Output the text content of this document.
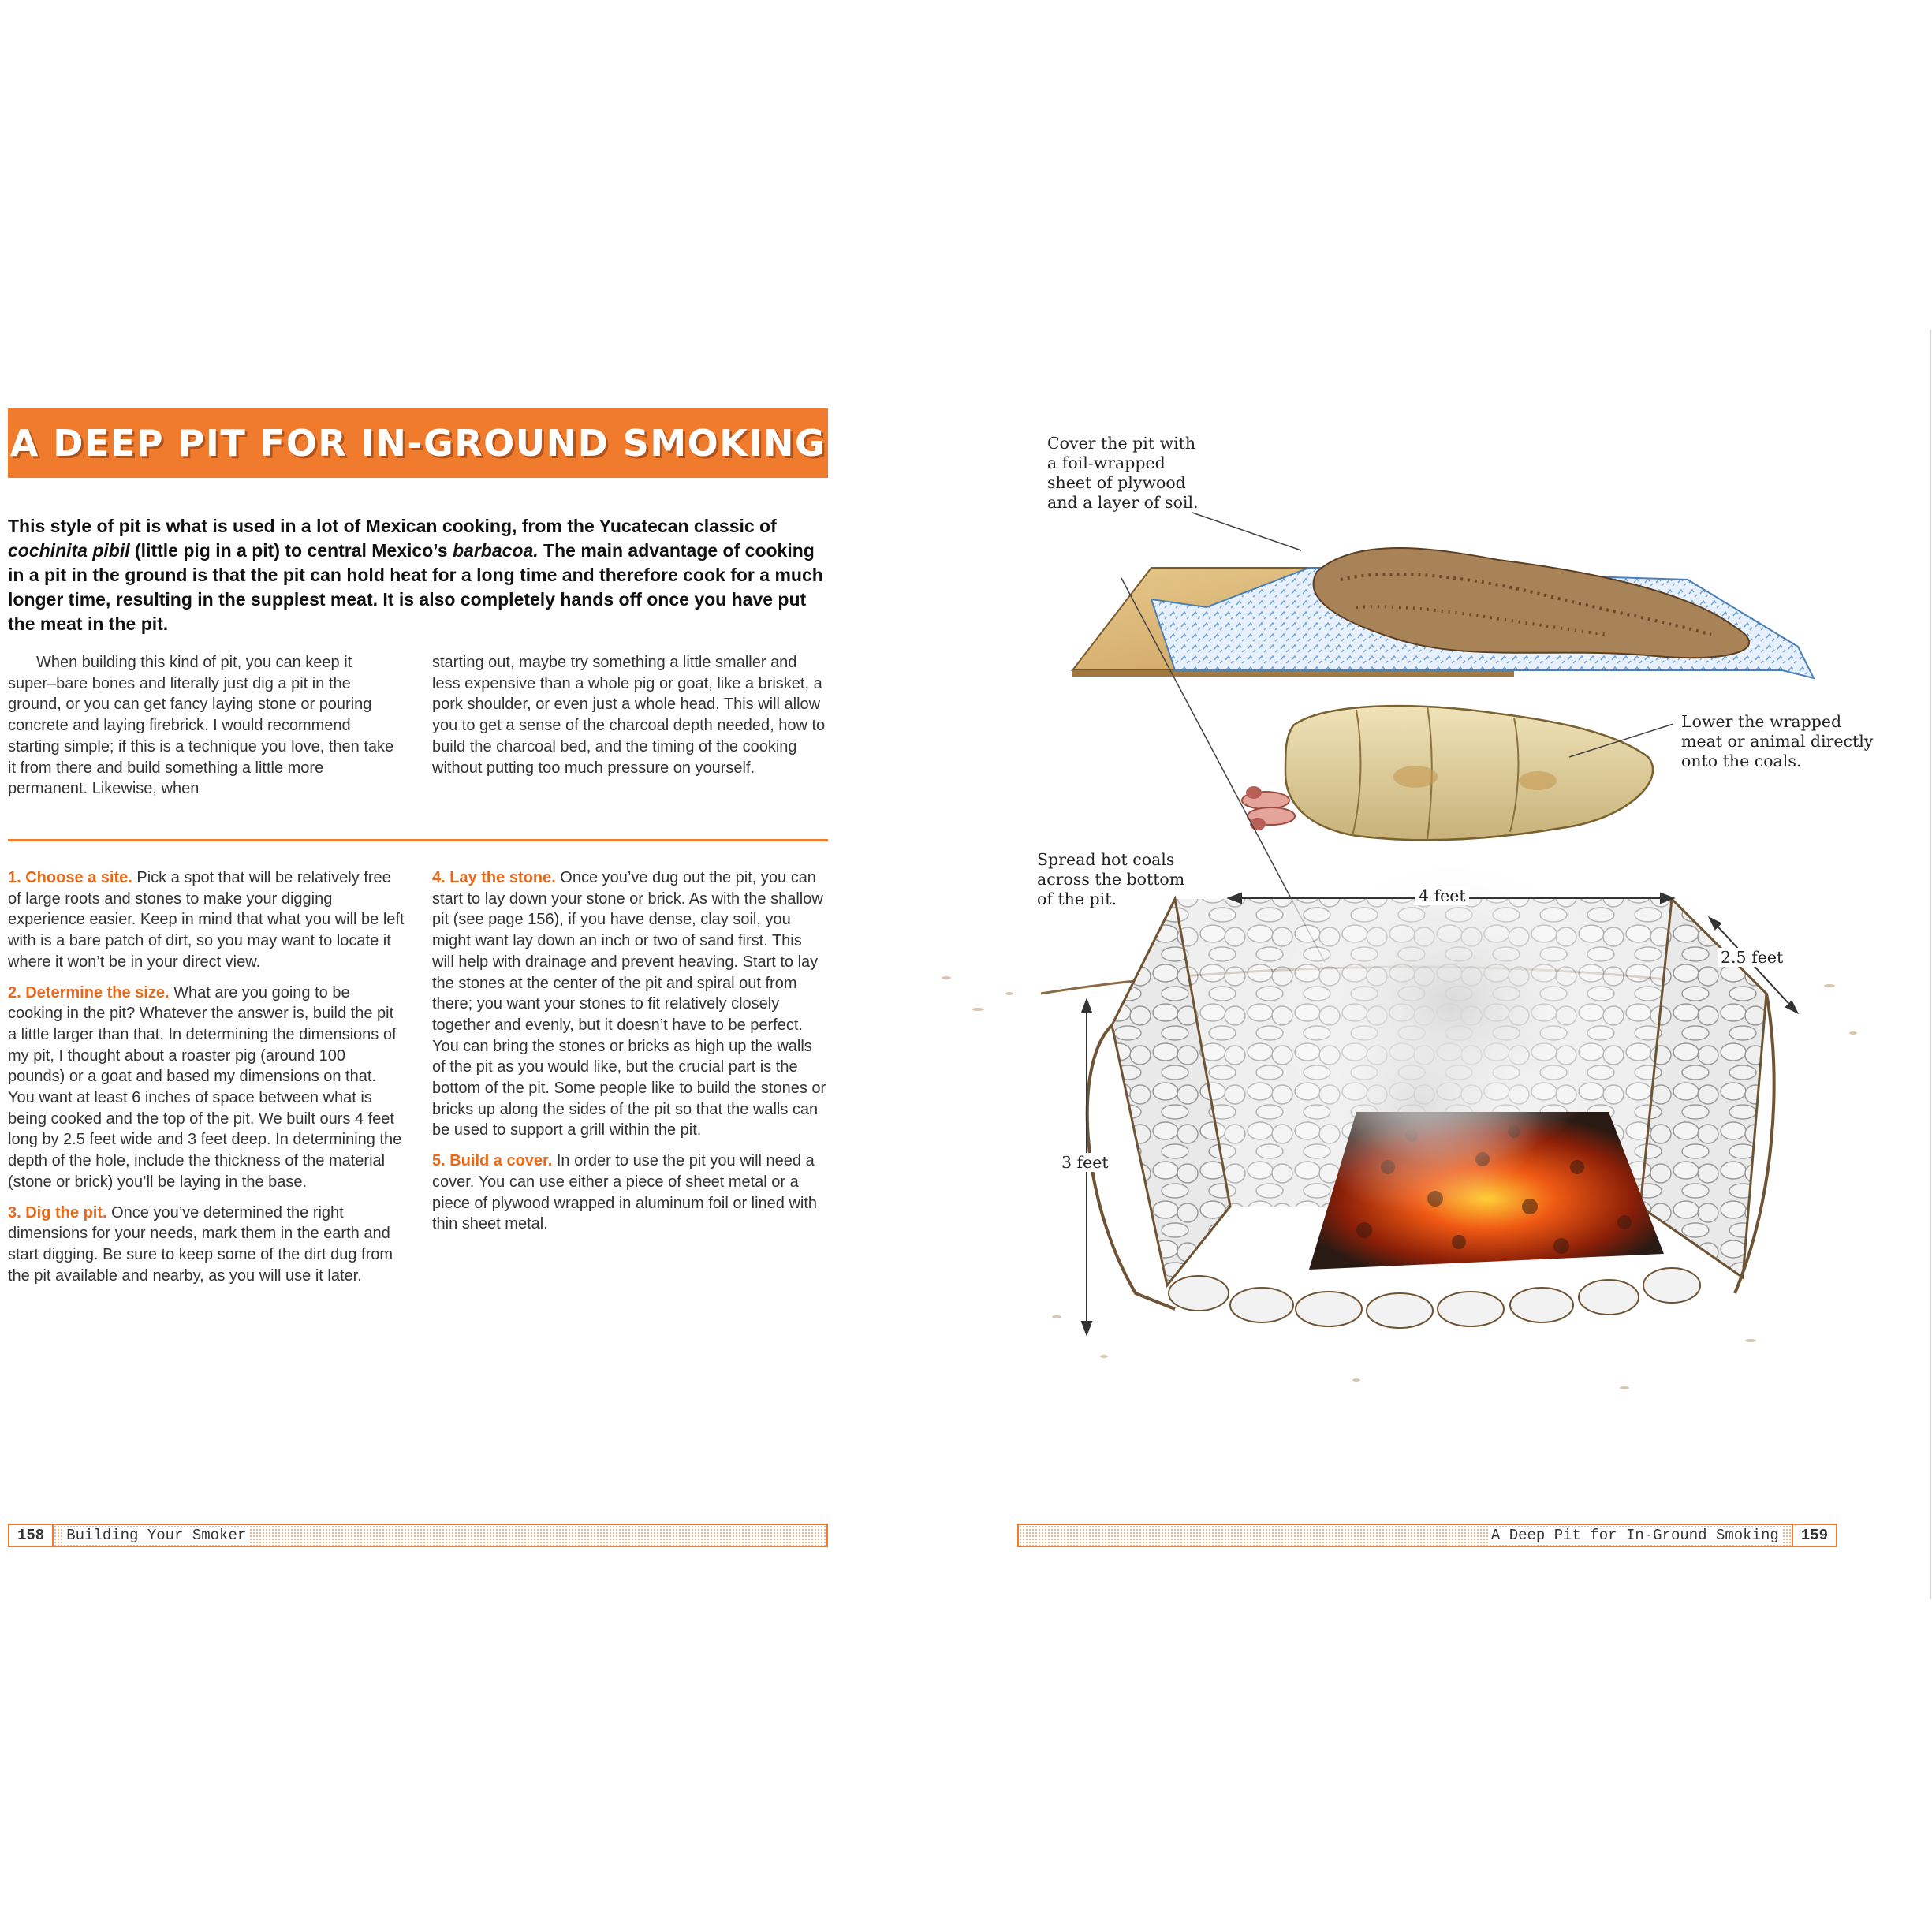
A DEEP PIT FOR IN-GROUND SMOKING

This style of pit is what is used in a lot of Mexican cooking, from the Yucatecan classic of cochinita pibil (little pig in a pit) to central Mexico’s barbacoa. The main advantage of cooking in a pit in the ground is that the pit can hold heat for a long time and therefore cook for a much longer time, resulting in the supplest meat. It is also completely hands off once you have put the meat in the pit.

When building this kind of pit, you can keep it super–bare bones and literally just dig a pit in the ground, or you can get fancy laying stone or pouring concrete and laying firebrick. I would recommend starting simple; if this is a technique you love, then take it from there and build something a little more permanent. Likewise, when

starting out, maybe try something a little smaller and less expensive than a whole pig or goat, like a brisket, a pork shoulder, or even just a whole head. This will allow you to get a sense of the charcoal depth needed, how to build the charcoal bed, and the timing of the cooking without putting too much pressure on yourself.

1. Choose a site. Pick a spot that will be relatively free of large roots and stones to make your digging experience easier. Keep in mind that what you will be left with is a bare patch of dirt, so you may want to locate it where it won’t be in your direct view.

2. Determine the size. What are you going to be cooking in the pit? Whatever the answer is, build the pit a little larger than that. In determining the dimensions of my pit, I thought about a roaster pig (around 100 pounds) or a goat and based my dimensions on that. You want at least 6 inches of space between what is being cooked and the top of the pit. We built ours 4 feet long by 2.5 feet wide and 3 feet deep. In determining the depth of the hole, include the thickness of the material (stone or brick) you’ll be laying in the base.

3. Dig the pit. Once you’ve determined the right dimensions for your needs, mark them in the earth and start digging. Be sure to keep some of the dirt dug from the pit available and nearby, as you will use it later.

4. Lay the stone. Once you’ve dug out the pit, you can start to lay down your stone or brick. As with the shallow pit (see page 156), if you have dense, clay soil, you might want lay down an inch or two of sand first. This will help with drainage and prevent heaving. Start to lay the stones at the center of the pit and spiral out from there; you want your stones to fit relatively closely together and evenly, but it doesn’t have to be perfect. You can bring the stones or bricks as high up the walls of the pit as you would like, but the crucial part is the bottom of the pit. Some people like to build the stones or bricks up along the sides of the pit so that the walls can be used to support a grill within the pit.

5. Build a cover. In order to use the pit you will need a cover. You can use either a piece of sheet metal or a piece of plywood wrapped in aluminum foil or lined with thin sheet metal.

158	Building Your Smoker
Cover the pit with
a foil-wrapped
sheet of plywood
and a layer of soil.
Lower the wrapped
meat or animal directly
onto the coals.
Spread hot coals
across the bottom
of the pit.	4 feet
2.5 feet
3 feet
A Deep Pit for In-Ground Smoking	159
